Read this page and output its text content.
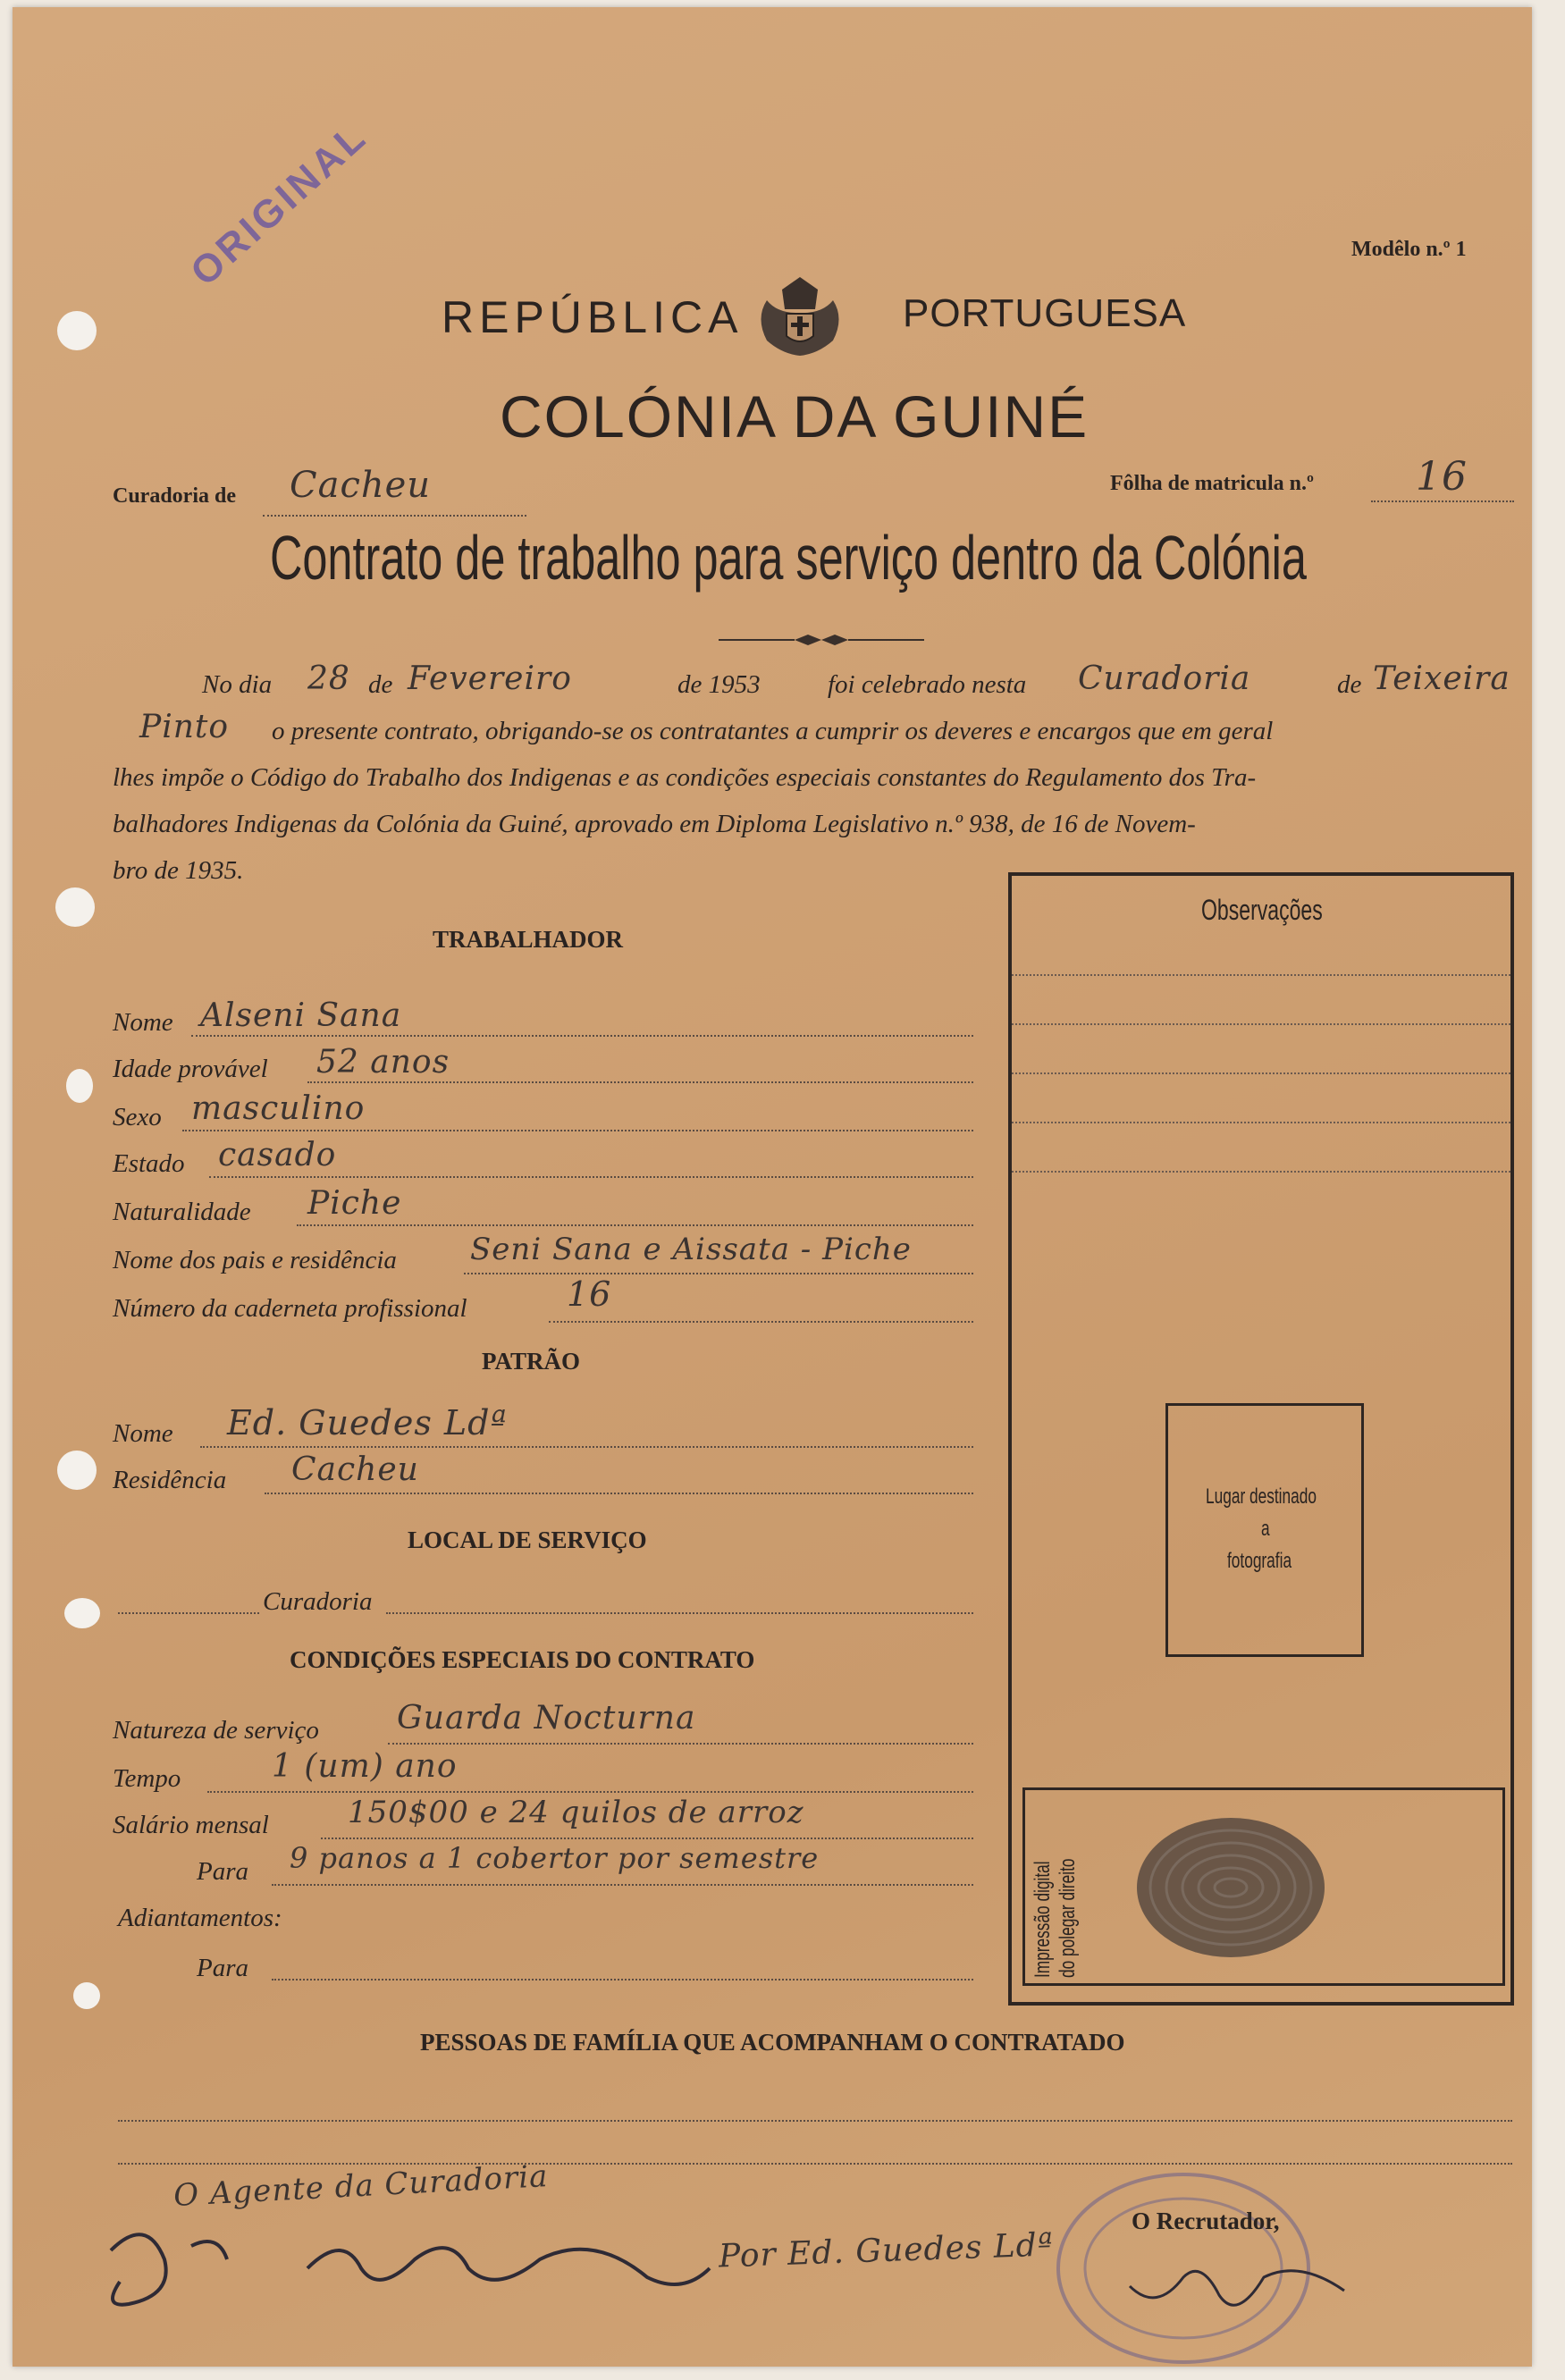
ORIGINAL	Modêlo n.º 1
REPÚBLICA	PORTUGUESA
COLÓNIA DA GUINÉ
Curadoria de Cacheu	Fôlha de matricula n.º	16
Contrato de trabalho para serviço dentro da Colónia
No dia 28 de Fevereiro	de 1953	foi celebrado nesta Curadoria	de Teixeira
Pinto o presente contrato, obrigando-se os contratantes a cumprir os deveres e encargos que em geral
lhes impõe o Código do Trabalho dos Indigenas e as condições especiais constantes do Regulamento dos Tra-
balhadores Indigenas da Colónia da Guiné, aprovado em Diploma Legislativo n.º 938, de 16 de Novem-
bro de 1935.
TRABALHADOR
Nome Alseni Sana
Idade provável 52 anos
Sexo masculino
Estado casado
Naturalidade Piche
Nome dos pais e residência Seni Sana e Aissata - Piche
Número da caderneta profissional	16
PATRÃO
Nome Ed. Guedes Ldª
Residência Cacheu
LOCAL DE SERVIÇO
Curadoria
CONDIÇÕES ESPECIAIS DO CONTRATO
Natureza de serviço Guarda Nocturna
Tempo	1 (um) ano
Salário mensal	150$00 e 24 quilos de arroz
Para 9 panos a 1 cobertor por semestre
Adiantamentos:
Para
Observações
Lugar destinado
a
fotografia
Impressão digital do polegar direito
PESSOAS DE FAMÍLIA QUE ACOMPANHAM O CONTRATADO
O Agente da Curadoria
Por Ed. Guedes Ldª
O Recrutador,
